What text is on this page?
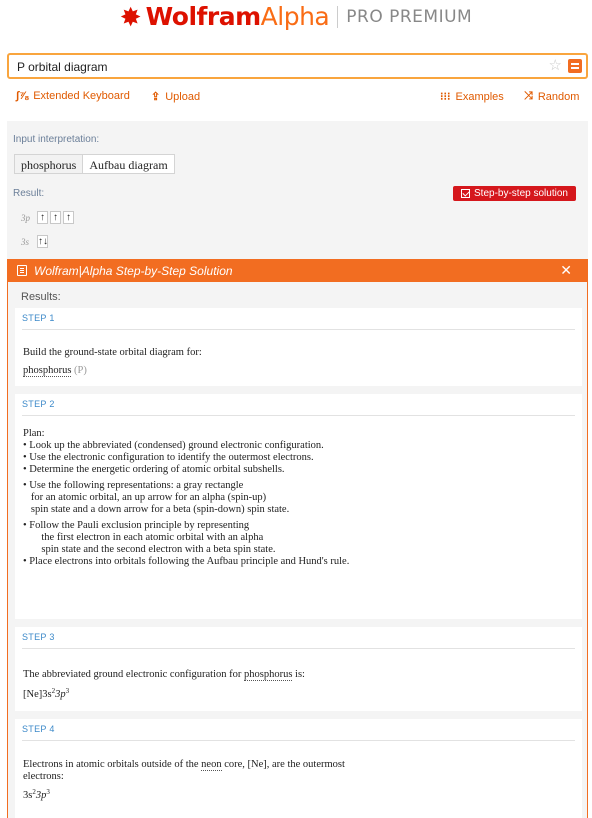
✸ WolframAlpha PRO PREMIUM
P orbital diagram
☆
∫⅞ Extended Keyboard ⇪ Upload	⁝⁝⁝ Examples ⤨ Random
Input interpretation:
phosphorus	Aufbau diagram
Result:	Step-by-step solution
3p	↑ ↑ ↑
3s ↑↓
Wolfram|Alpha Step-by-Step Solution	✕
Results:
STEP 1
Build the ground-state orbital diagram for:
phosphorus (P)
STEP 2
Plan:
• Look up the abbreviated (condensed) ground electronic configuration.
• Use the electronic configuration to identify the outermost electrons.
• Determine the energetic ordering of atomic orbital subshells.
• Use the following representations: a gray rectangle
for an atomic orbital, an up arrow for an alpha (spin-up)
spin state and a down arrow for a beta (spin-down) spin state.
• Follow the Pauli exclusion principle by representing
the first electron in each atomic orbital with an alpha
spin state and the second electron with a beta spin state.
• Place electrons into orbitals following the Aufbau principle and Hund's rule.
STEP 3
The abbreviated ground electronic configuration for phosphorus is:
$[Ne]3s^23p^3$
STEP 4
Electrons in atomic orbitals outside of the neon core, [Ne], are the outermost
electrons:
$3s^23p^3$
